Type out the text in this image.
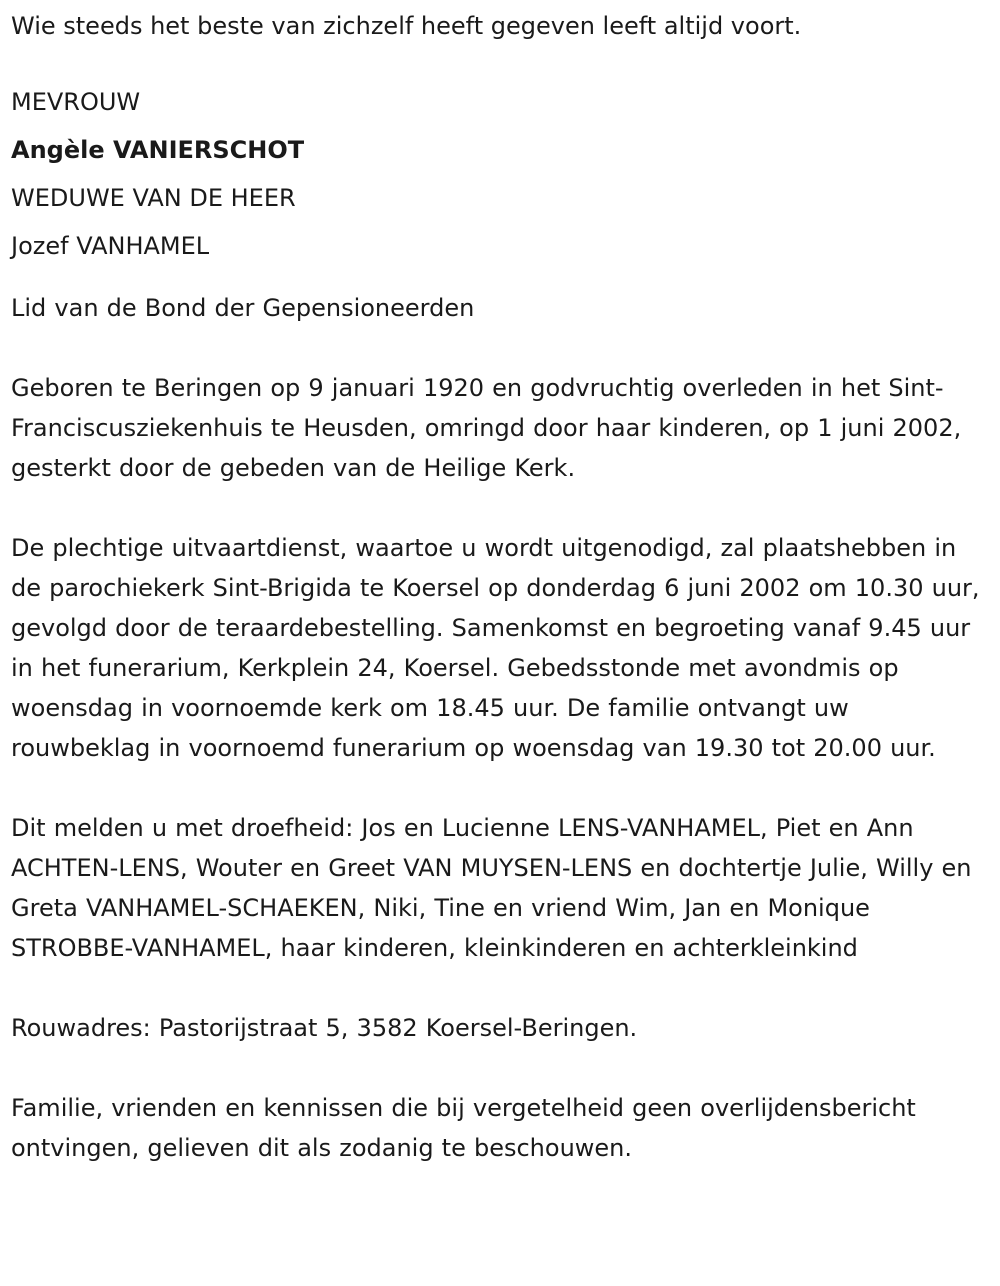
Wie steeds het beste van zichzelf heeft gegeven leeft altijd voort.

MEVROUW

Angèle VANIERSCHOT

WEDUWE VAN DE HEER

Jozef VANHAMEL

Lid van de Bond der Gepensioneerden

Geboren te Beringen op 9 januari 1920 en godvruchtig overleden in het Sint-Franciscusziekenhuis te Heusden, omringd door haar kinderen, op 1 juni 2002, gesterkt door de gebeden van de Heilige Kerk.

De plechtige uitvaartdienst, waartoe u wordt uitgenodigd, zal plaatshebben in de parochiekerk Sint-Brigida te Koersel op donderdag 6 juni 2002 om 10.30 uur, gevolgd door de teraardebestelling. Samenkomst en begroeting vanaf 9.45 uur in het funerarium, Kerkplein 24, Koersel. Gebedsstonde met avondmis op woensdag in voornoemde kerk om 18.45 uur. De familie ontvangt uw rouwbeklag in voornoemd funerarium op woensdag van 19.30 tot 20.00 uur.

Dit melden u met droefheid: Jos en Lucienne LENS-VANHAMEL, Piet en Ann ACHTEN-LENS, Wouter en Greet VAN MUYSEN-LENS en dochtertje Julie, Willy en Greta VANHAMEL-SCHAEKEN, Niki, Tine en vriend Wim, Jan en Monique STROBBE-VANHAMEL, haar kinderen, kleinkinderen en achterkleinkind

Rouwadres: Pastorijstraat 5, 3582 Koersel-Beringen.

Familie, vrienden en kennissen die bij vergetelheid geen overlijdensbericht ontvingen, gelieven dit als zodanig te beschouwen.
